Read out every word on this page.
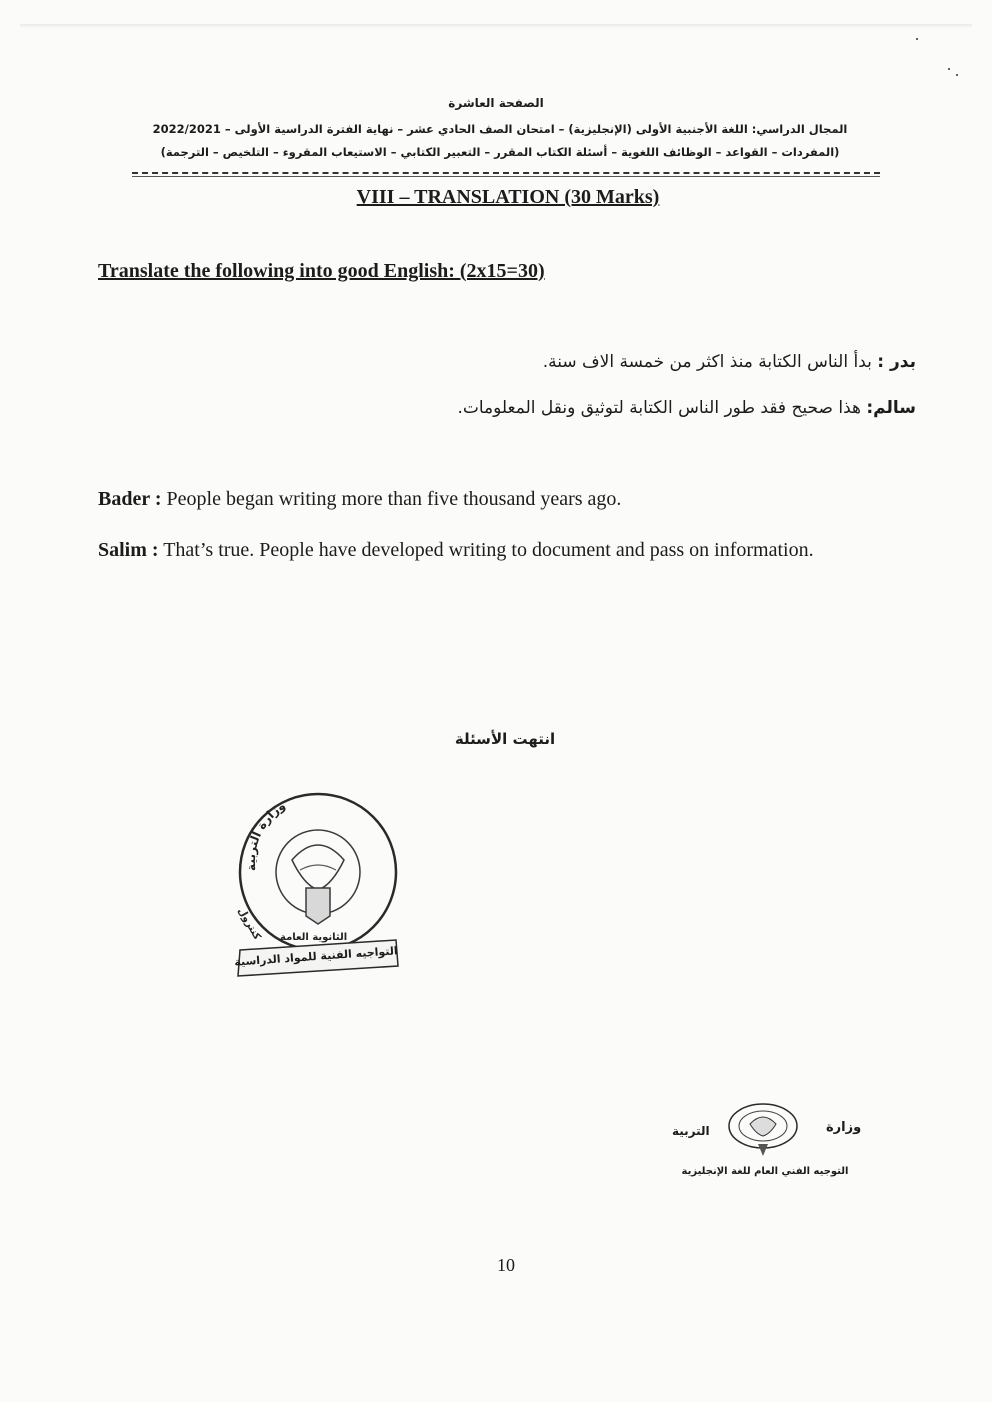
الصفحة العاشرة
المجال الدراسي: اللغة الأجنبية الأولى (الإنجليزية) – امتحان الصف الحادي عشر – نهاية الفترة الدراسية الأولى – 2022/2021
(المفردات – القواعد – الوظائف اللغوية – أسئلة الكتاب المقرر – التعبير الكتابي – الاستيعاب المقروء – التلخيص – الترجمة)
VIII – TRANSLATION (30 Marks)
Translate the following into good English: (2x15=30)
بدر : بدأ الناس الكتابة منذ اكثر من خمسة الاف سنة.
سالم: هذا صحيح فقد طور الناس الكتابة لتوثيق ونقل المعلومات.
Bader : People began writing more than five thousand years ago.
Salim : That’s true. People have developed writing to document and pass on information.
انتهت الأسئلة
وزارة التربية
كنترول الثانوية العامة
التواجيه الفنية للمواد الدراسية
التربية	وزارة
التوجيه الفني العام للغة الإنجليزية
10
